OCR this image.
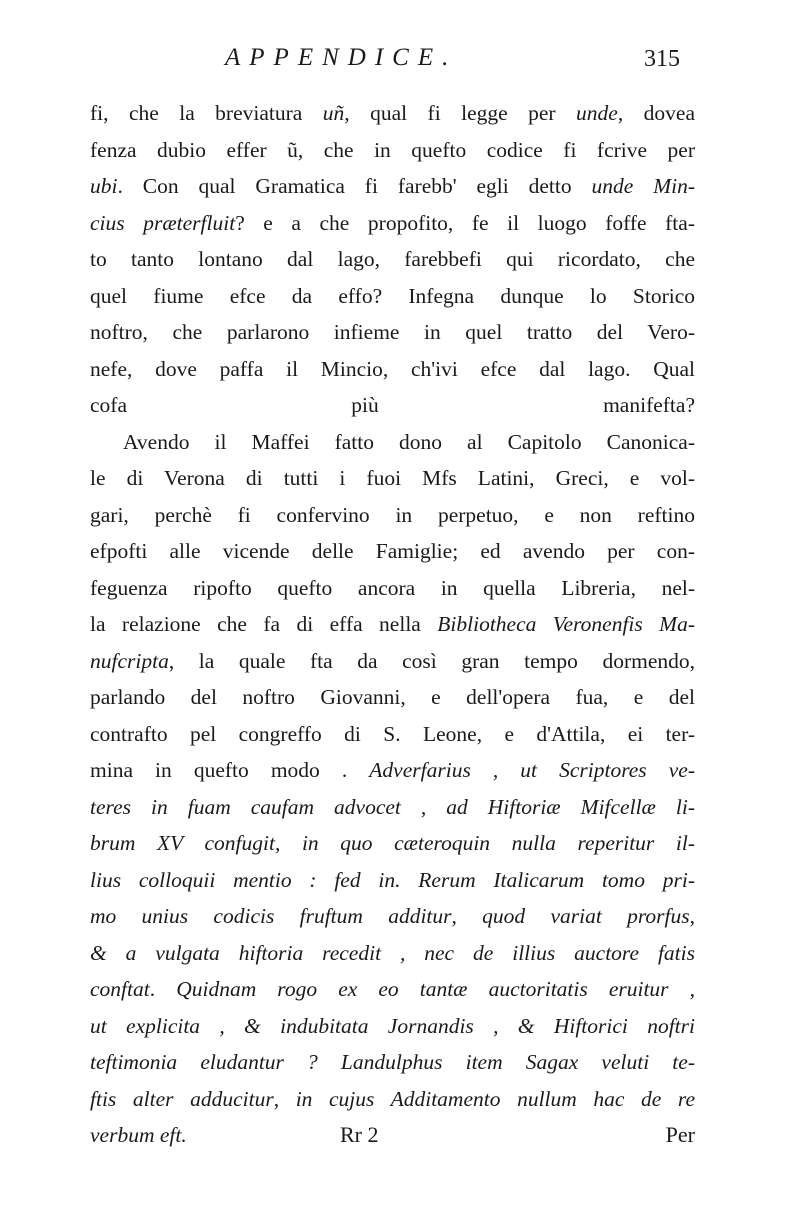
APPENDICE.	315
fi, che la breviatura uñ, qual fi legge per unde, dovea
fenza dubio effer ũ, che in quefto codice fi fcrive per
ubi. Con qual Gramatica fi farebb' egli detto unde Min-
cius præterfluit? e a che propofito, fe il luogo foffe fta-
to tanto lontano dal lago, farebbefi qui ricordato, che
quel fiume efce da effo? Infegna dunque lo Storico
noftro, che parlarono infieme in quel tratto del Vero-
nefe, dove paffa il Mincio, ch'ivi efce dal lago. Qual
cofa più manifefta?
Avendo il Maffei fatto dono al Capitolo Canonica-
le di Verona di tutti i fuoi Mfs Latini, Greci, e vol-
gari, perchè fi confervino in perpetuo, e non reftino
efpofti alle vicende delle Famiglie; ed avendo per con-
feguenza ripofto quefto ancora in quella Libreria, nel-
la relazione che fa di effa nella Bibliotheca Veronenfis Ma-
nufcripta, la quale fta da così gran tempo dormendo,
parlando del noftro Giovanni, e dell'opera fua, e del
contrafto pel congreffo di S. Leone, e d'Attila, ei ter-
mina in quefto modo . Adverfarius , ut Scriptores ve-
teres in fuam caufam advocet , ad Hiftoriæ Mifcellæ li-
brum XV confugit, in quo cæteroquin nulla reperitur il-
lius colloquii mentio : fed in. Rerum Italicarum tomo pri-
mo unius codicis fruftum additur, quod variat prorfus,
& a vulgata hiftoria recedit , nec de illius auctore fatis
conftat. Quidnam rogo ex eo tantæ auctoritatis eruitur ,
ut explicita , & indubitata Jornandis , & Hiftorici noftri
teftimonia eludantur ? Landulphus item Sagax veluti te-
ftis alter adducitur, in cujus Additamento nullum hac de re
verbum eft.	Rr 2	Per
